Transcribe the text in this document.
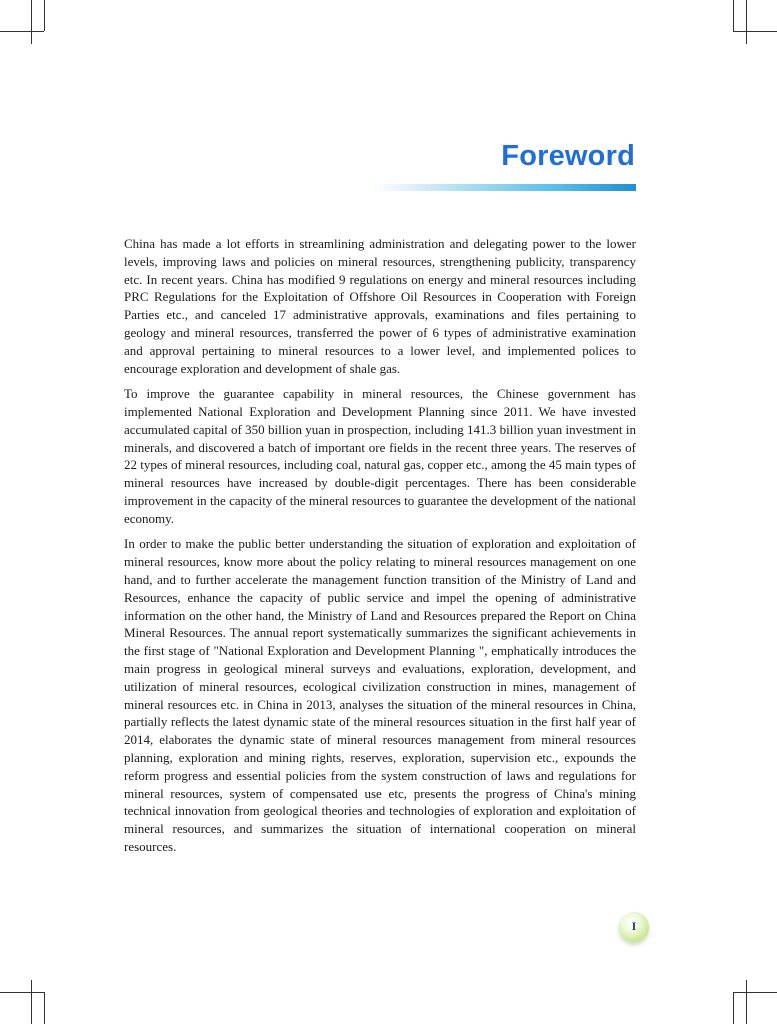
Foreword

China has made a lot efforts in streamlining administration and delegating power to the lower levels, improving laws and policies on mineral resources, strengthening publicity, transparency etc. In recent years. China has modified 9 regulations on energy and mineral resources including PRC Regulations for the Exploitation of Offshore Oil Resources in Cooperation with Foreign Parties etc., and canceled 17 administrative approvals, examinations and files pertaining to geology and mineral resources, transferred the power of 6 types of administrative examination and approval pertaining to mineral resources to a lower level, and implemented polices to encourage exploration and development of shale gas.

To improve the guarantee capability in mineral resources, the Chinese government has implemented National Exploration and Development Planning since 2011. We have invested accumulated capital of 350 billion yuan in prospection, including 141.3 billion yuan investment in minerals, and discovered a batch of important ore fields in the recent three years. The reserves of 22 types of mineral resources, including coal, natural gas, copper etc., among the 45 main types of mineral resources have increased by double-digit percentages. There has been considerable improvement in the capacity of the mineral resources to guarantee the development of the national economy.

In order to make the public better understanding the situation of exploration and exploitation of mineral resources, know more about the policy relating to mineral resources management on one hand, and to further accelerate the management function transition of the Ministry of Land and Resources, enhance the capacity of public service and impel the opening of administrative information on the other hand, the Ministry of Land and Resources prepared the Report on China Mineral Resources. The annual report systematically summarizes the significant achievements in the first stage of "National Exploration and Development Planning ", emphatically introduces the main progress in geological mineral surveys and evaluations, exploration, development, and utilization of mineral resources, ecological civilization construction in mines, management of mineral resources etc. in China in 2013, analyses the situation of the mineral resources in China, partially reflects the latest dynamic state of the mineral resources situation in the first half year of 2014, elaborates the dynamic state of mineral resources management from mineral resources planning, exploration and mining rights, reserves, exploration, supervision etc., expounds the reform progress and essential policies from the system construction of laws and regulations for mineral resources, system of compensated use etc, presents the progress of China's mining technical innovation from geological theories and technologies of exploration and exploitation of mineral resources, and summarizes the situation of international cooperation on mineral resources.

I
